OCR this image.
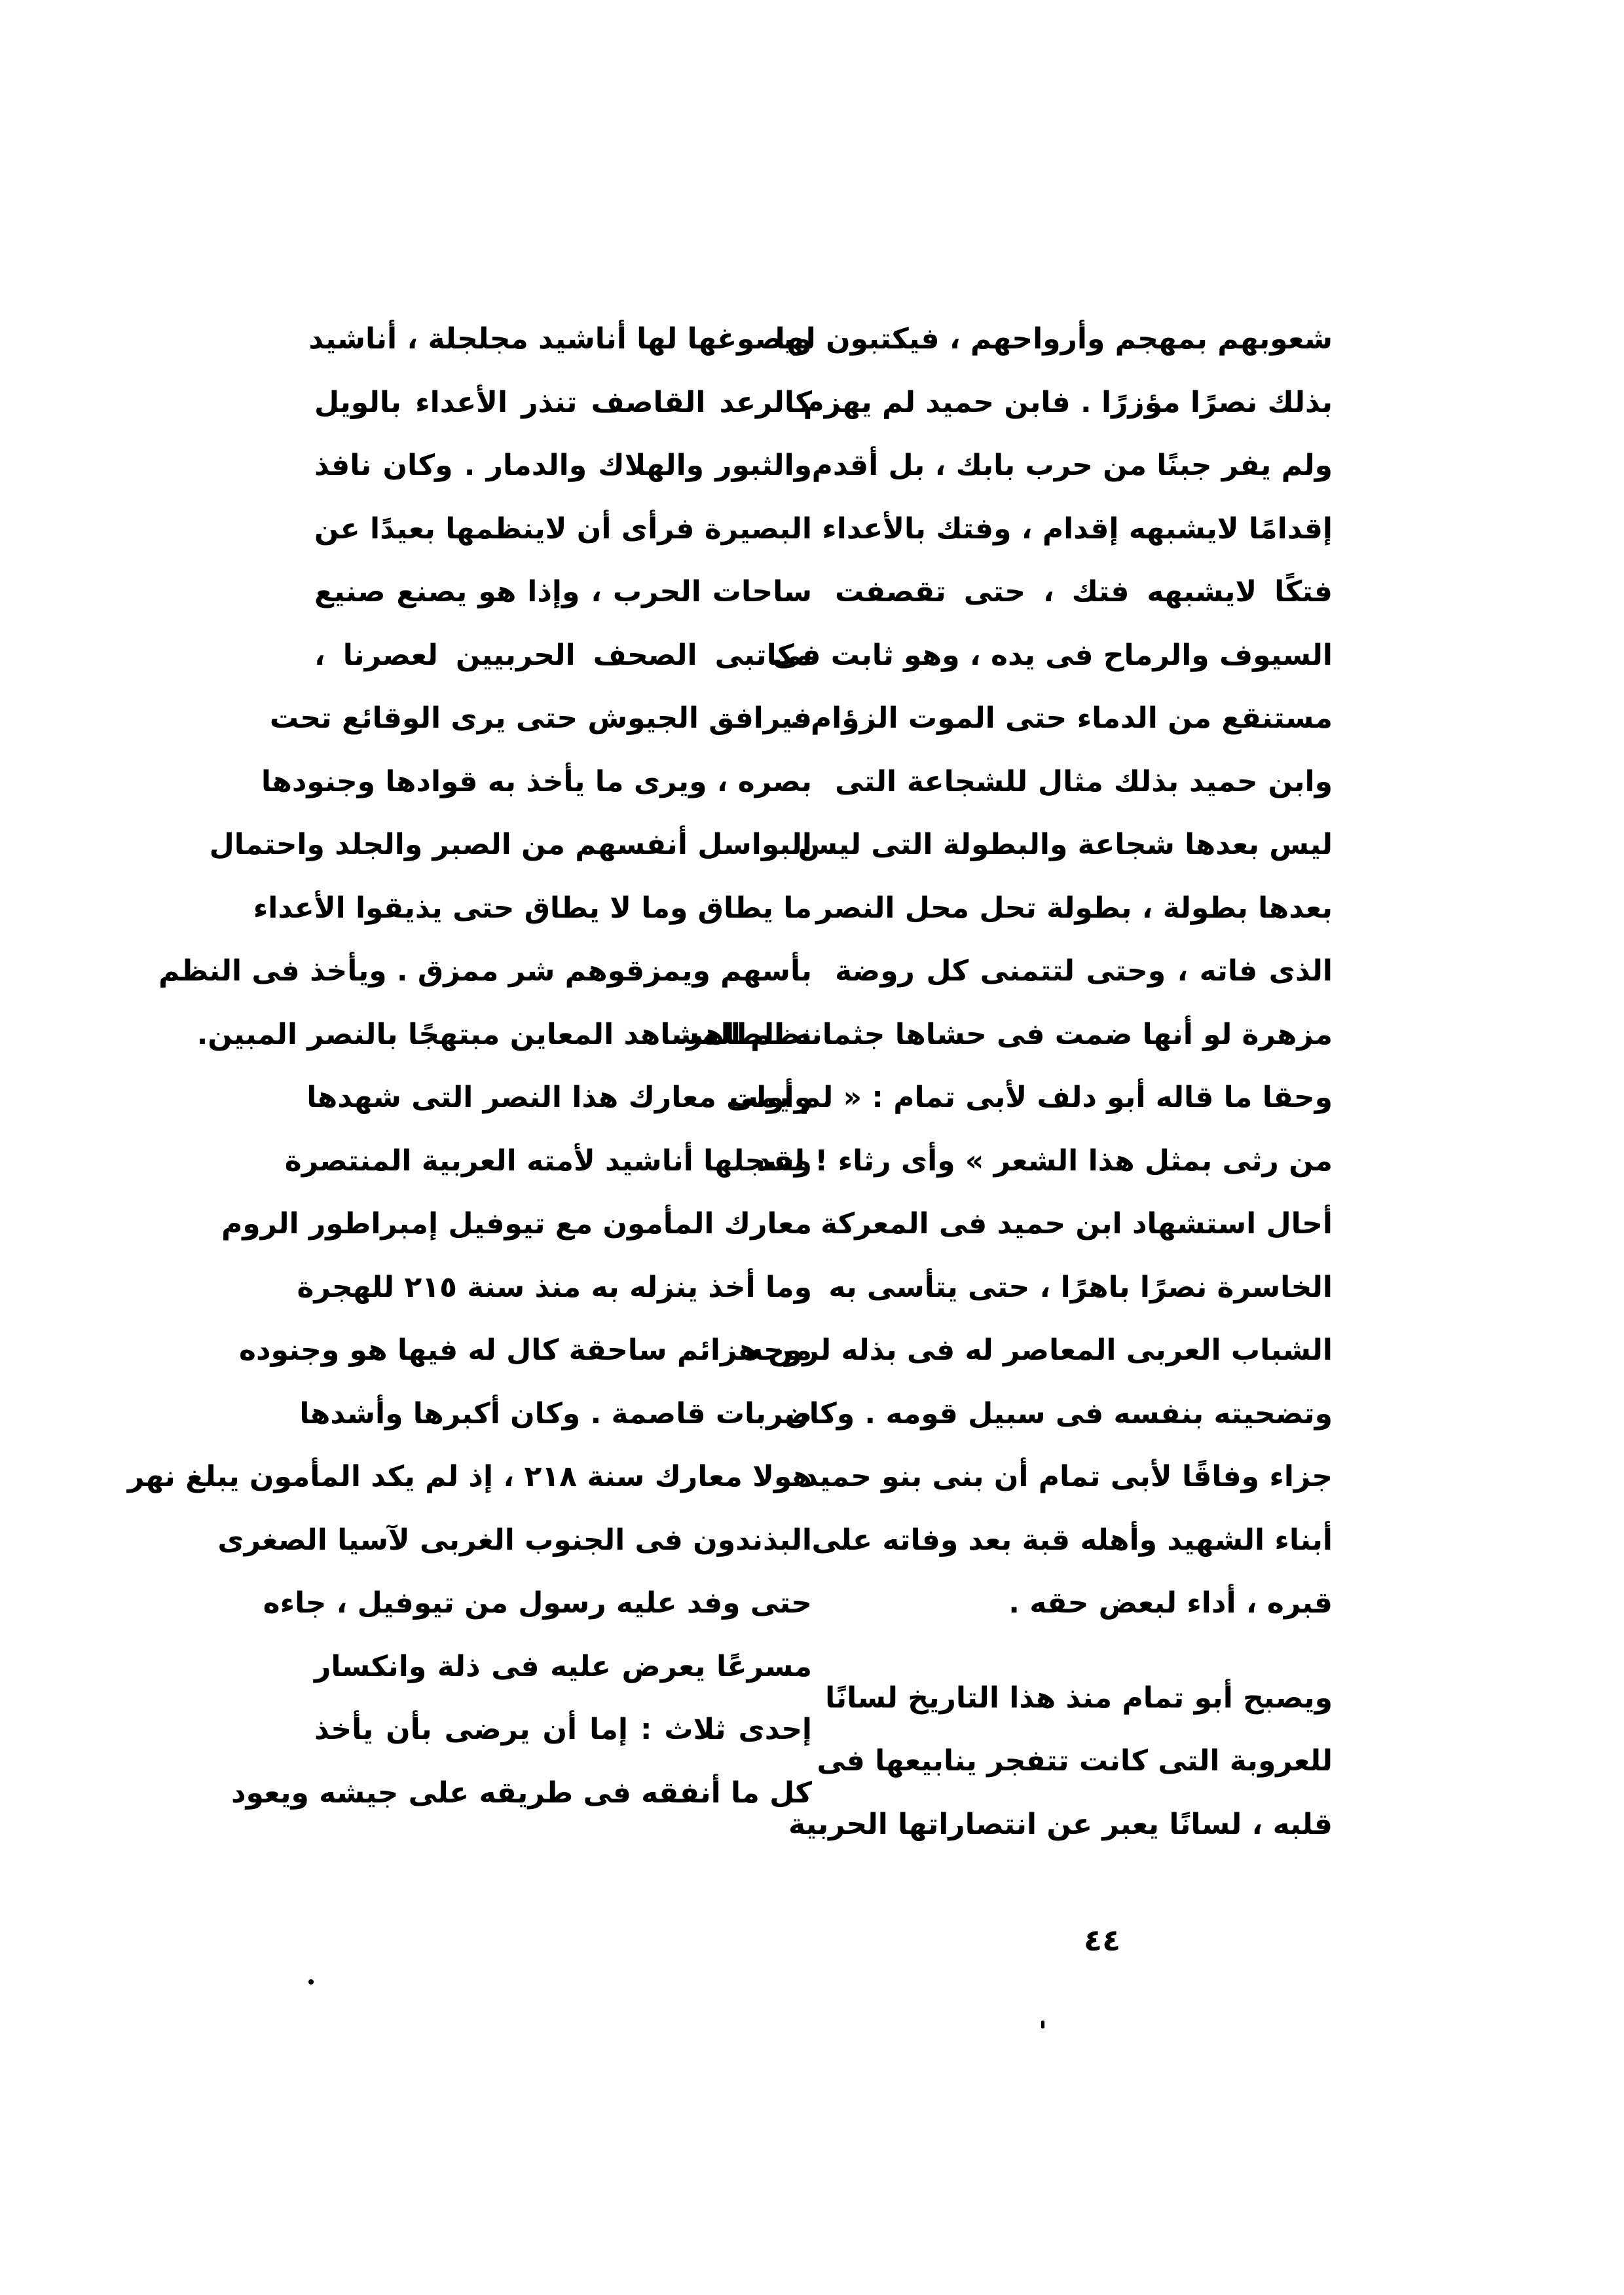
شعوبهم بمهجم وأرواحهم ، فيكتبون لها
بذلك نصرًا مؤزرًا . فابن حميد لم يهزم
ولم يفر جبنًا من حرب بابك ، بل أقدم
إقدامًا لايشبهه إقدام ، وفتك بالأعداء
فتكًا لايشبهه فتك ، حتى تقصفت
السيوف والرماح فى يده ، وهو ثابت فى
مستنقع من الدماء حتى الموت الزؤام .
وابن حميد بذلك مثال للشجاعة التى
ليس بعدها شجاعة والبطولة التى ليس
بعدها بطولة ، بطولة تحل محل النصر
الذى فاته ، وحتى لتتمنى كل روضة
مزهرة لو أنها ضمت فى حشاها جثمانه الطاهر.
وحقا ما قاله أبو دلف لأبى تمام : « لم يمت
من رثى بمثل هذا الشعر » وأى رثاء ! لقد
أحال استشهاد ابن حميد فى المعركة
الخاسرة نصرًا باهرًا ، حتى يتأسى به
الشباب العربى المعاصر له فى بذله لروحه
وتضحيته بنفسه فى سبيل قومه . وكان
جزاء وفاقًا لأبى تمام أن بنى بنو حميد
أبناء الشهيد وأهله قبة بعد وفاته على
قبره ، أداء لبعض حقه .
ويصبح أبو تمام منذ هذا التاريخ لسانًا
للعروبة التى كانت تتفجر ينابيعها فى
قلبه ، لسانًا يعبر عن انتصاراتها الحربية
ويصوغها لها أناشيد مجلجلة ، أناشيد
كالرعد القاصف تنذر الأعداء بالويل
والثبور والهلاك والدمار . وكان نافذ
البصيرة فرأى أن لاينظمها بعيدًا عن
ساحات الحرب ، وإذا هو يصنع صنيع
مكاتبى الصحف الحربيين لعصرنا ،
فيرافق الجيوش حتى يرى الوقائع تحت
بصره ، ويرى ما يأخذ به قوادها وجنودها
البواسل أنفسهم من الصبر والجلد واحتمال
ما يطاق وما لا يطاق حتى يذيقوا الأعداء
بأسهم ويمزقوهم شر ممزق . ويأخذ فى النظم
نظم المشاهد المعاين مبتهجًا بالنصر المبين.
وأولى معارك هذا النصر التى شهدها
وسجلها أناشيد لأمته العربية المنتصرة
معارك المأمون مع تيوفيل إمبراطور الروم
وما أخذ ينزله به منذ سنة ٢١٥ للهجرة
من هزائم ساحقة كال له فيها هو وجنوده
ضربات قاصمة . وكان أكبرها وأشدها
هولا معارك سنة ٢١٨ ، إذ لم يكد المأمون يبلغ نهر
البذندون فى الجنوب الغربى لآسيا الصغرى
حتى وفد عليه رسول من تيوفيل ، جاءه
مسرعًا يعرض عليه فى ذلة وانكسار
إحدى ثلاث : إما أن يرضى بأن يأخذ
كل ما أنفقه فى طريقه على جيشه ويعود
٤٤
